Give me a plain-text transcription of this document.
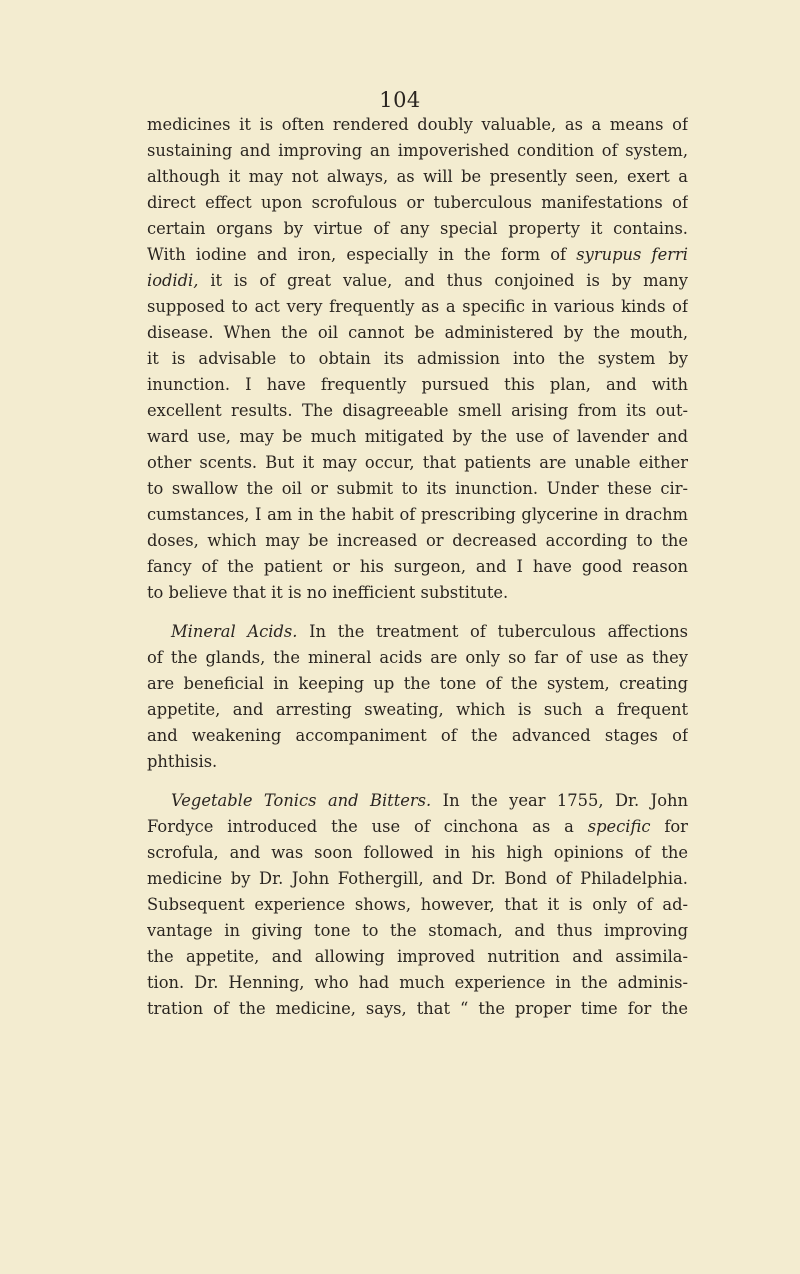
104
medicines it is often rendered doubly valuable, as a means of
sustaining and improving an impoverished condition of system,
although it may not always, as will be presently seen, exert a
direct effect upon scrofulous or tuberculous manifestations of
certain organs by virtue of any special property it contains.
With iodine and iron, especially in the form of syrupus ferri
iodidi, it is of great value, and thus conjoined is by many
supposed to act very frequently as a specific in various kinds of
disease. When the oil cannot be administered by the mouth,
it is advisable to obtain its admission into the system by
inunction. I have frequently pursued this plan, and with
excellent results. The disagreeable smell arising from its out-
ward use, may be much mitigated by the use of lavender and
other scents. But it may occur, that patients are unable either
to swallow the oil or submit to its inunction. Under these cir-
cumstances, I am in the habit of prescribing glycerine in drachm
doses, which may be increased or decreased according to the
fancy of the patient or his surgeon, and I have good reason
to believe that it is no inefficient substitute.
Mineral Acids. In the treatment of tuberculous affections
of the glands, the mineral acids are only so far of use as they
are beneficial in keeping up the tone of the system, creating
appetite, and arresting sweating, which is such a frequent
and weakening accompaniment of the advanced stages of
phthisis.
Vegetable Tonics and Bitters. In the year 1755, Dr. John
Fordyce introduced the use of cinchona as a specific for
scrofula, and was soon followed in his high opinions of the
medicine by Dr. John Fothergill, and Dr. Bond of Philadelphia.
Subsequent experience shows, however, that it is only of ad-
vantage in giving tone to the stomach, and thus improving
the appetite, and allowing improved nutrition and assimila-
tion. Dr. Henning, who had much experience in the adminis-
tration of the medicine, says, that “ the proper time for the
